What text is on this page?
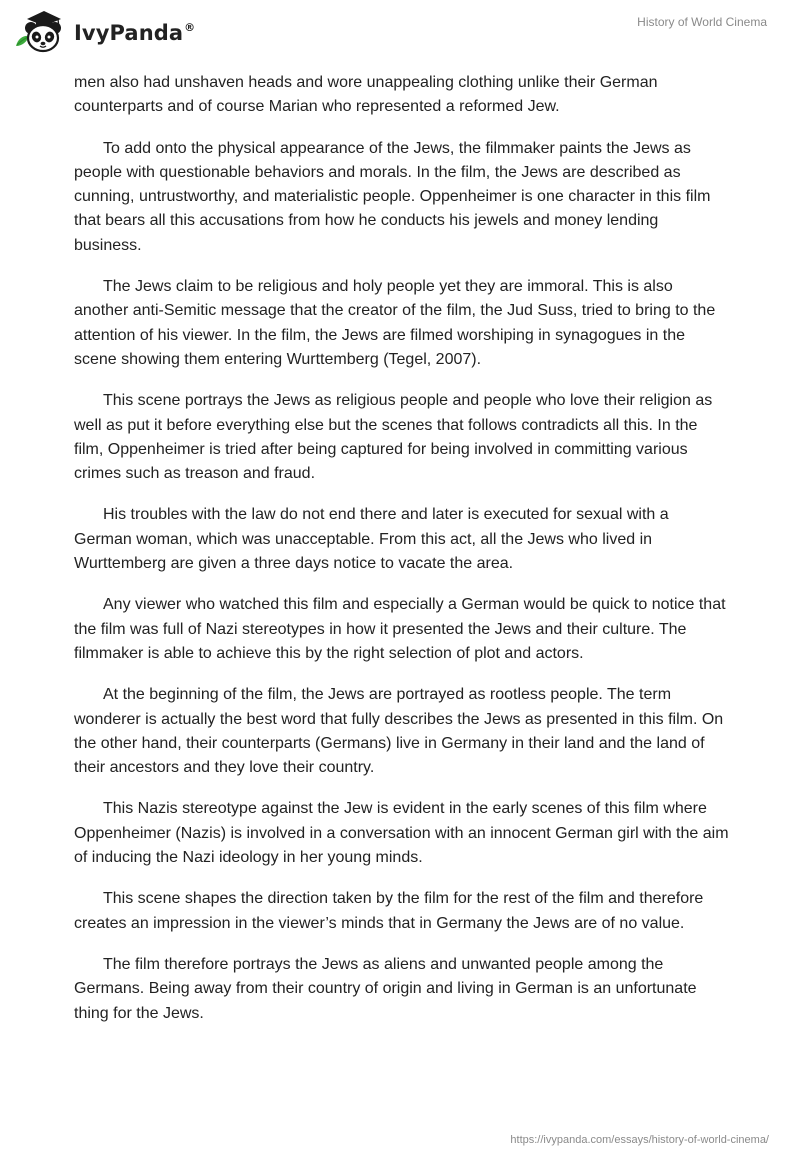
IvyPanda®	History of World Cinema

men also had unshaven heads and wore unappealing clothing unlike their German counterparts and of course Marian who represented a reformed Jew.

To add onto the physical appearance of the Jews, the filmmaker paints the Jews as people with questionable behaviors and morals. In the film, the Jews are described as cunning, untrustworthy, and materialistic people. Oppenheimer is one character in this film that bears all this accusations from how he conducts his jewels and money lending business.

The Jews claim to be religious and holy people yet they are immoral. This is also another anti-Semitic message that the creator of the film, the Jud Suss, tried to bring to the attention of his viewer. In the film, the Jews are filmed worshiping in synagogues in the scene showing them entering Wurttemberg (Tegel, 2007).

This scene portrays the Jews as religious people and people who love their religion as well as put it before everything else but the scenes that follows contradicts all this. In the film, Oppenheimer is tried after being captured for being involved in committing various crimes such as treason and fraud.

His troubles with the law do not end there and later is executed for sexual with a German woman, which was unacceptable. From this act, all the Jews who lived in Wurttemberg are given a three days notice to vacate the area.

Any viewer who watched this film and especially a German would be quick to notice that the film was full of Nazi stereotypes in how it presented the Jews and their culture. The filmmaker is able to achieve this by the right selection of plot and actors.

At the beginning of the film, the Jews are portrayed as rootless people. The term wonderer is actually the best word that fully describes the Jews as presented in this film. On the other hand, their counterparts (Germans) live in Germany in their land and the land of their ancestors and they love their country.

This Nazis stereotype against the Jew is evident in the early scenes of this film where Oppenheimer (Nazis) is involved in a conversation with an innocent German girl with the aim of inducing the Nazi ideology in her young minds.

This scene shapes the direction taken by the film for the rest of the film and therefore creates an impression in the viewer’s minds that in Germany the Jews are of no value.

The film therefore portrays the Jews as aliens and unwanted people among the Germans. Being away from their country of origin and living in German is an unfortunate thing for the Jews.

https://ivypanda.com/essays/history-of-world-cinema/
